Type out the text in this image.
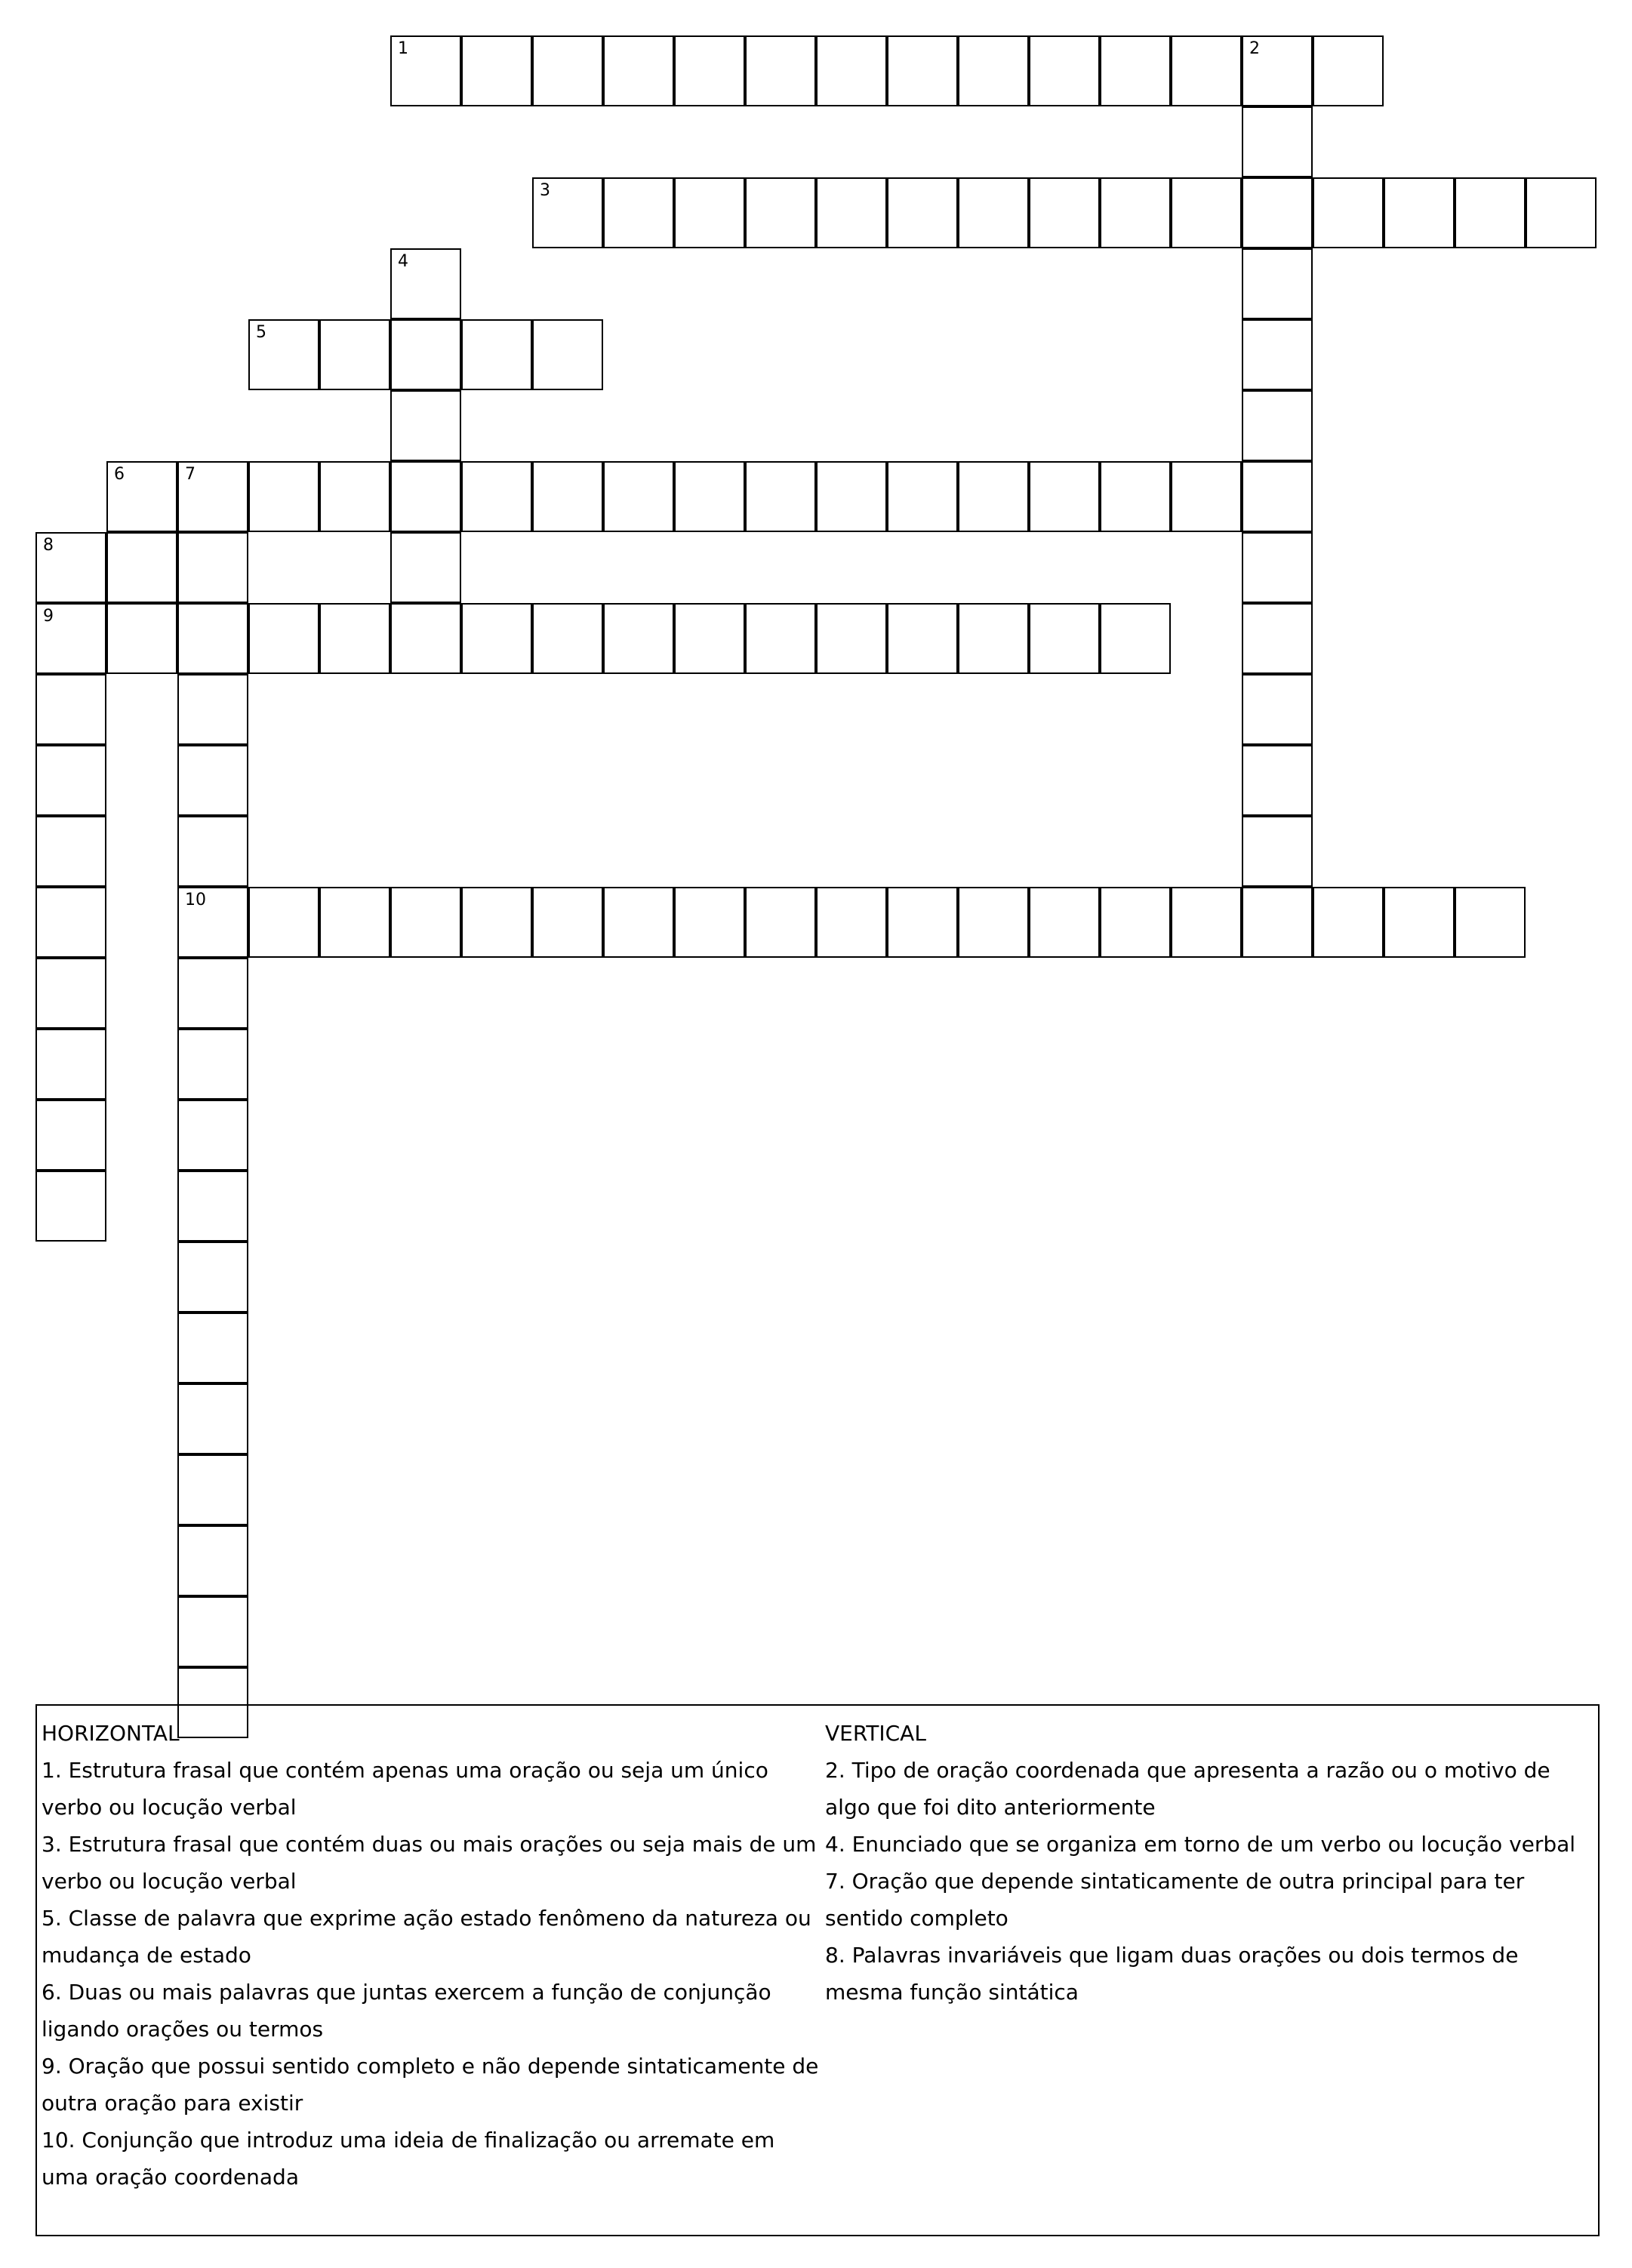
1	2
3
4
5
6	7
10
8
9
HORIZONTAL
1. Estrutura frasal que contém apenas uma oração ou seja um único verbo ou locução verbal
3. Estrutura frasal que contém duas ou mais orações ou seja mais de um verbo ou locução verbal
5. Classe de palavra que exprime ação estado fenômeno da natureza ou mudança de estado
6. Duas ou mais palavras que juntas exercem a função de conjunção ligando orações ou termos
9. Oração que possui sentido completo e não depende sintaticamente de outra oração para existir
10. Conjunção que introduz uma ideia de finalização ou arremate em uma oração coordenada
VERTICAL
2. Tipo de oração coordenada que apresenta a razão ou o motivo de algo que foi dito anteriormente
4. Enunciado que se organiza em torno de um verbo ou locução verbal
7. Oração que depende sintaticamente de outra principal para ter sentido completo
8. Palavras invariáveis que ligam duas orações ou dois termos de mesma função sintática
